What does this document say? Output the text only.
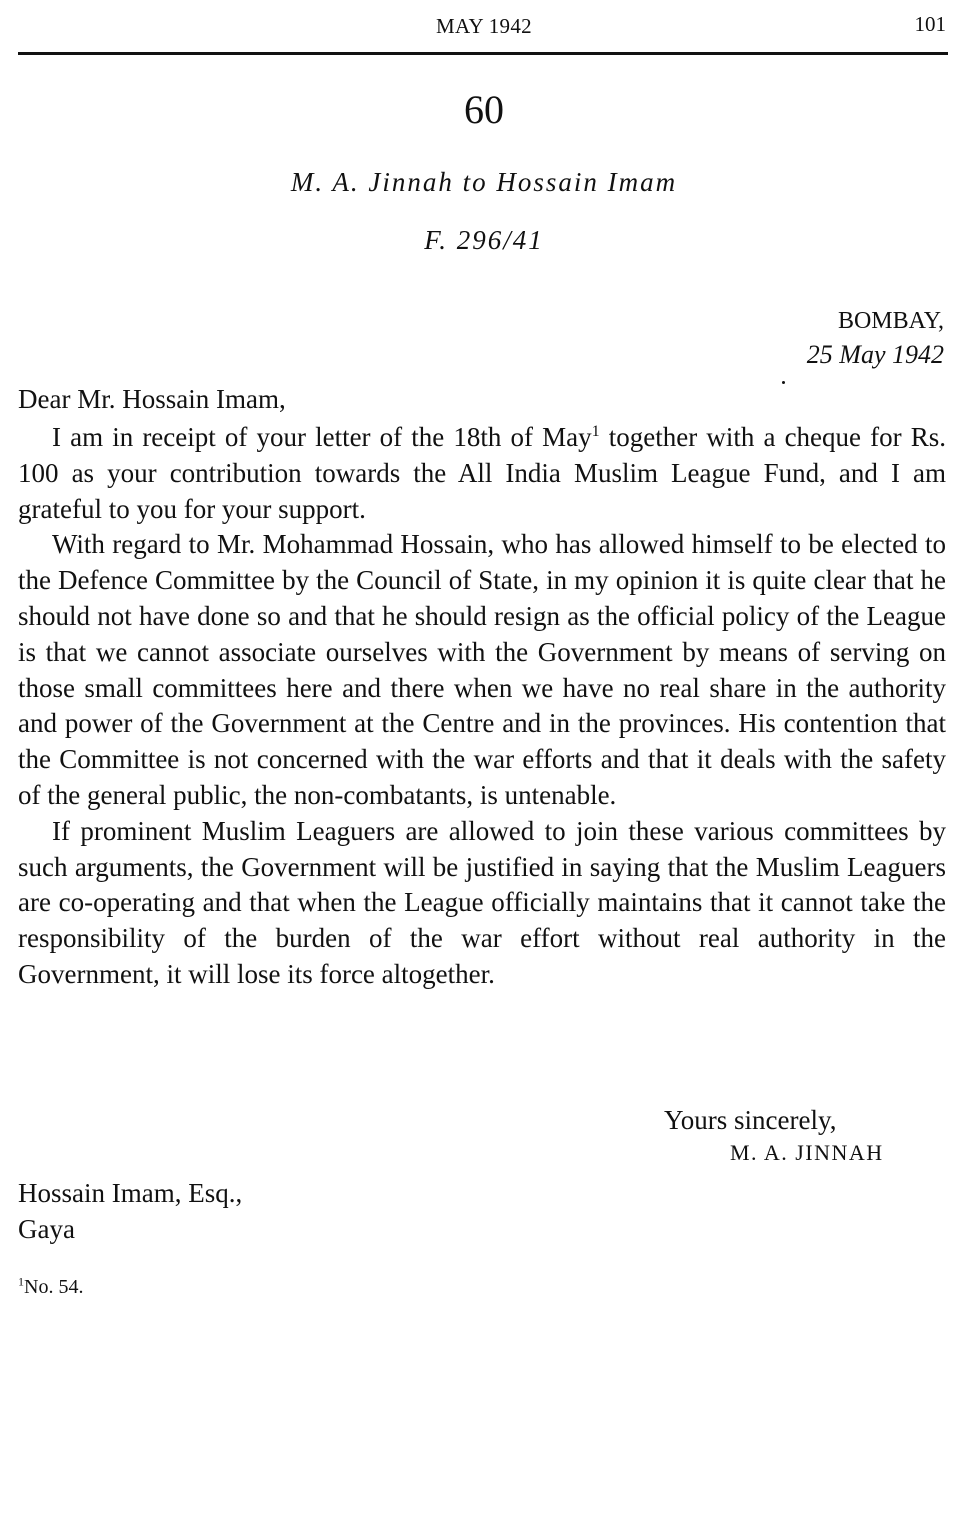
MAY 1942	101
60
M. A. Jinnah to Hossain Imam
F. 296/41
BOMBAY,
25 May 1942
Dear Mr. Hossain Imam,

I am in receipt of your letter of the 18th of May$^1$ together with a cheque for Rs. 100 as your contribution towards the All India Muslim League Fund, and I am grateful to you for your support.

With regard to Mr. Mohammad Hossain, who has allowed himself to be elected to the Defence Committee by the Council of State, in my opinion it is quite clear that he should not have done so and that he should resign as the official policy of the League is that we cannot associate ourselves with the Government by means of serving on those small committees here and there when we have no real share in the authority and power of the Government at the Centre and in the provinces. His contention that the Committee is not concerned with the war efforts and that it deals with the safety of the general public, the non-combatants, is untenable.

If prominent Muslim Leaguers are allowed to join these various committees by such arguments, the Government will be justified in saying that the Muslim Leaguers are co-operating and that when the League officially maintains that it cannot take the responsibility of the burden of the war effort without real authority in the Government, it will lose its force altogether.

Yours sincerely,
M. A. JINNAH
Hossain Imam, Esq.,
Gaya
$^1$No. 54.
